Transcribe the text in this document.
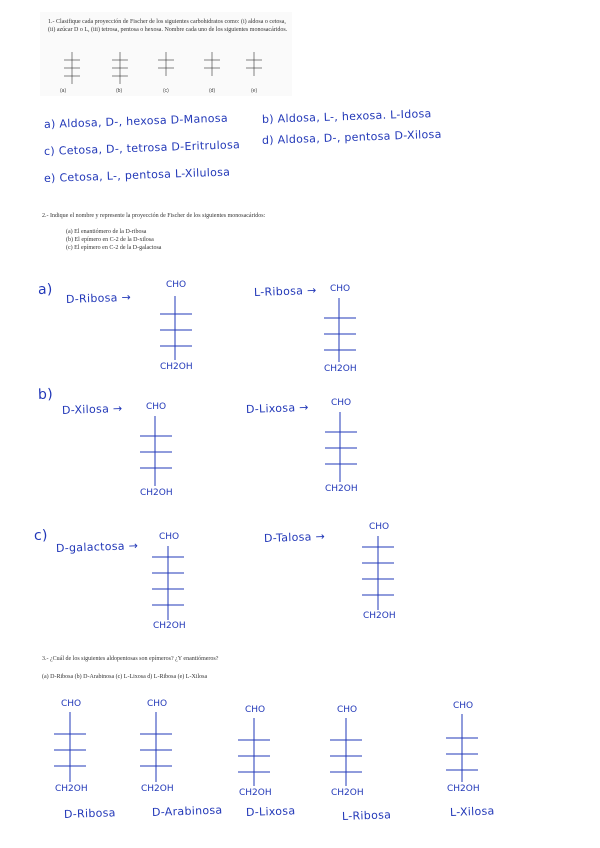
1.- Clasifique cada proyección de Fischer de los siguientes carbohidratos como: (i) aldosa o cetosa, (ii) azúcar D o L, (iii) tetrosa, pentosa o hexosa. Nombre cada uno de los siguientes monosacáridos.
(a)	(b)	(c)	(d)	(e)
a) Aldosa, D-, hexosa D-Manosa	b) Aldosa, L-, hexosa. L-Idosa
c) Cetosa, D-, tetrosa D-Eritrulosa
d) Aldosa, D-, pentosa D-Xilosa
e) Cetosa, L-, pentosa L-Xilulosa
2.- Indique el nombre y represente la proyección de Fischer de los siguientes monosacáridos:
(a) El enantiómero de la D-ribosa
(b) El epímero en C-2 de la D-xilosa
(c) El epímero en C-2 de la D-galactosa
a)
D-Ribosa →	L-Ribosa →
b)
D-Xilosa →	D-Lixosa →
c)
D-galactosa →
D-Talosa →
CHO
CH2OH
CHO
CH2OH
CHO
CH2OH
CHO
CH2OH
CHO
CH2OH
CHO
CH2OH
3.- ¿Cuál de los siguientes aldopentosas son epímeros? ¿Y enantiómeros?
(a) D-Ribosa (b) D-Arabinosa (c) L-Lixosa d) L-Ribosa (e) L-Xilosa
CHO
CH2OH
CHO
CH2OH
CHO
CH2OH
CHO
CH2OH
CHO
CH2OH
D-Ribosa	D-Arabinosa D-Lixosa	L-Ribosa	L-Xilosa
